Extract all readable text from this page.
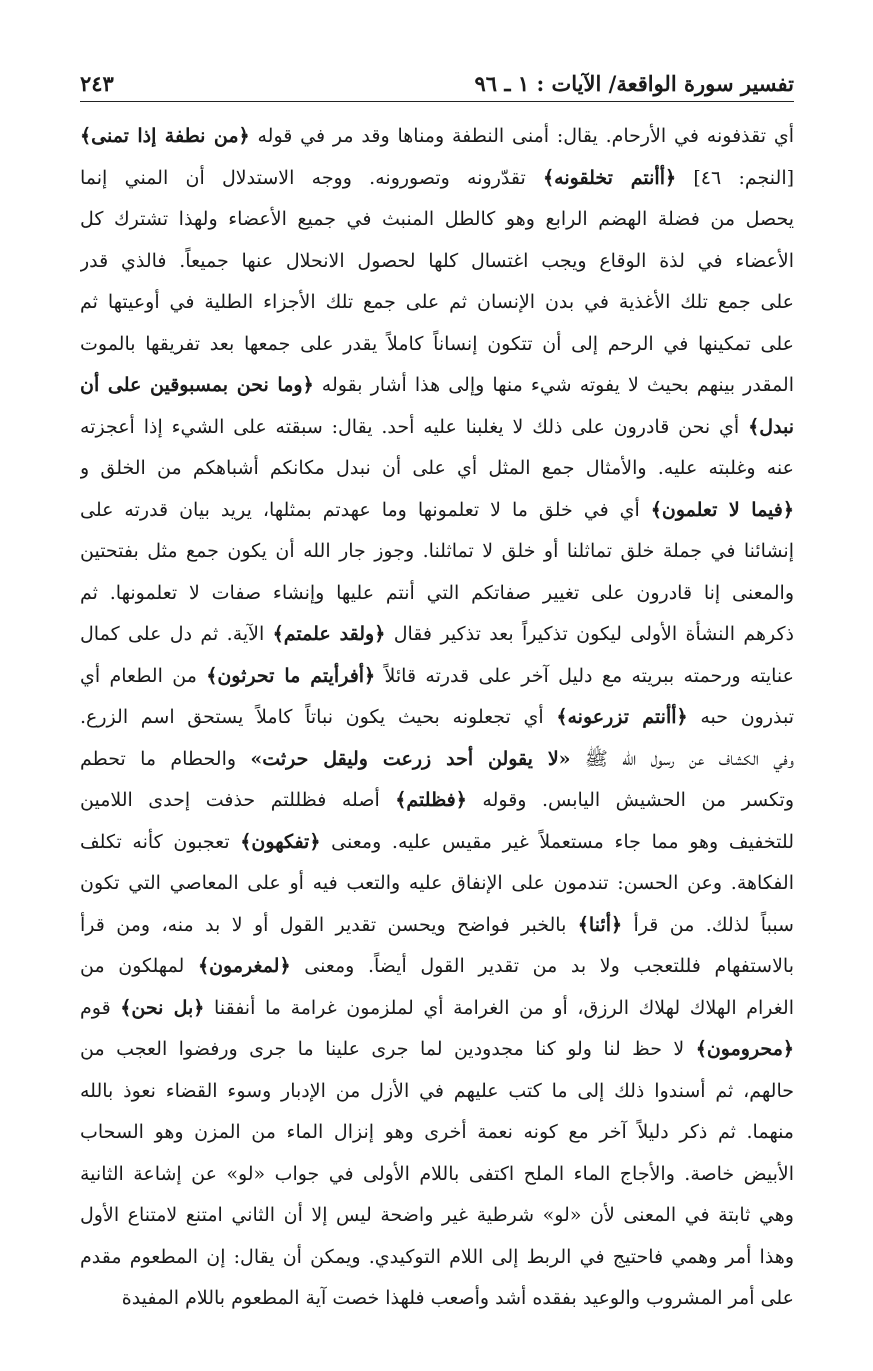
تفسير سورة الواقعة/ الآيات : ١ ـ ٩٦
٢٤٣
أي تقذفونه في الأرحام. يقال: أمنى النطفة ومناها وقد مر في قوله ﴿من نطفة إذا تمنى﴾
[النجم: ٤٦] ﴿أأنتم تخلقونه﴾ تقدّرونه وتصورونه. ووجه الاستدلال أن المني إنما
يحصل من فضلة الهضم الرابع وهو كالطل المنبث في جميع الأعضاء ولهذا تشترك كل
الأعضاء في لذة الوقاع ويجب اغتسال كلها لحصول الانحلال عنها جميعاً. فالذي قدر
على جمع تلك الأغذية في بدن الإنسان ثم على جمع تلك الأجزاء الطلية في أوعيتها ثم
على تمكينها في الرحم إلى أن تتكون إنساناً كاملاً يقدر على جمعها بعد تفريقها بالموت
المقدر بينهم بحيث لا يفوته شيء منها وإلى هذا أشار بقوله ﴿وما نحن بمسبوقين على أن
نبدل﴾ أي نحن قادرون على ذلك لا يغلبنا عليه أحد. يقال: سبقته على الشيء إذا أعجزته
عنه وغلبته عليه. والأمثال جمع المثل أي على أن نبدل مكانكم أشباهكم من الخلق و
﴿فيما لا تعلمون﴾ أي في خلق ما لا تعلمونها وما عهدتم بمثلها، يريد بيان قدرته على
إنشائنا في جملة خلق تماثلنا أو خلق لا تماثلنا. وجوز جار الله أن يكون جمع مثل بفتحتين
والمعنى إنا قادرون على تغيير صفاتكم التي أنتم عليها وإنشاء صفات لا تعلمونها. ثم
ذكرهم النشأة الأولى ليكون تذكيراً بعد تذكير فقال ﴿ولقد علمتم﴾ الآية. ثم دل على كمال
عنايته ورحمته ببريته مع دليل آخر على قدرته قائلاً ﴿أفرأيتم ما تحرثون﴾ من الطعام أي
تبذرون حبه ﴿أأنتم تزرعونه﴾ أي تجعلونه بحيث يكون نباتاً كاملاً يستحق اسم الزرع.
وفي الكشاف عن رسول الله ﷺ «لا يقولن أحد زرعت وليقل حرثت» والحطام ما تحطم
وتكسر من الحشيش اليابس. وقوله ﴿فظلتم﴾ أصله فظللتم حذفت إحدى اللامين
للتخفيف وهو مما جاء مستعملاً غير مقيس عليه. ومعنى ﴿تفكهون﴾ تعجبون كأنه تكلف
الفكاهة. وعن الحسن: تندمون على الإنفاق عليه والتعب فيه أو على المعاصي التي تكون
سبباً لذلك. من قرأ ﴿أئنا﴾ بالخبر فواضح ويحسن تقدير القول أو لا بد منه، ومن قرأ
بالاستفهام فللتعجب ولا بد من تقدير القول أيضاً. ومعنى ﴿لمغرمون﴾ لمهلكون من
الغرام الهلاك لهلاك الرزق، أو من الغرامة أي لملزمون غرامة ما أنفقنا ﴿بل نحن﴾ قوم
﴿محرومون﴾ لا حظ لنا ولو كنا مجدودين لما جرى علينا ما جرى ورفضوا العجب من
حالهم، ثم أسندوا ذلك إلى ما كتب عليهم في الأزل من الإدبار وسوء القضاء نعوذ بالله
منهما. ثم ذكر دليلاً آخر مع كونه نعمة أخرى وهو إنزال الماء من المزن وهو السحاب
الأبيض خاصة. والأجاج الماء الملح اكتفى باللام الأولى في جواب «لو» عن إشاعة الثانية
وهي ثابتة في المعنى لأن «لو» شرطية غير واضحة ليس إلا أن الثاني امتنع لامتناع الأول
وهذا أمر وهمي فاحتيج في الربط إلى اللام التوكيدي. ويمكن أن يقال: إن المطعوم مقدم
على أمر المشروب والوعيد بفقده أشد وأصعب فلهذا خصت آية المطعوم باللام المفيدة
